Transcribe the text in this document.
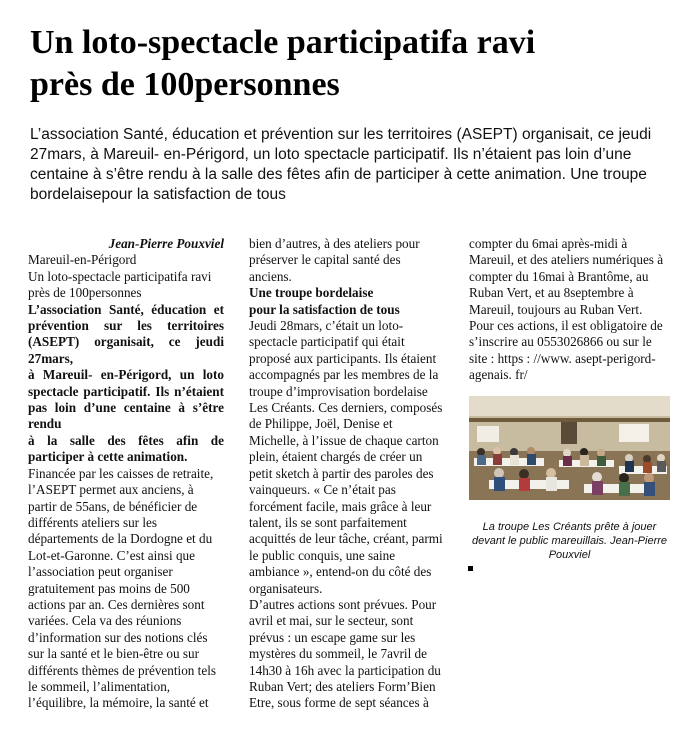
Un loto-spectacle participatifa ravi
près de 100personnes

L’association Santé, éducation et prévention sur les territoires (ASEPT) organisait, ce jeudi 27mars, à Mareuil- en-Périgord, un loto spectacle participatif. Ils n’étaient pas loin d’une centaine à s’être rendu à la salle des fêtes afin de participer à cette animation. Une troupe bordelaisepour la satisfaction de tous

Jean-Pierre Pouxviel

Mareuil-en-Périgord

Un loto-spectacle participatifa ravi

près de 100personnes

L’association Santé, éducation et prévention sur les territoires (ASEPT) organisait, ce jeudi 27mars,

à Mareuil- en-Périgord, un loto spectacle participatif. Ils n’étaient pas loin d’une centaine à s’être rendu

à la salle des fêtes afin de participer à cette animation.

Financée par les caisses de retraite, l’ASEPT permet aux anciens, à partir de 55ans, de bénéficier de différents ateliers sur les départements de la Dordogne et du Lot-et-Garonne. C’est ainsi que l’association peut organiser gratuitement pas moins de 500 actions par an. Ces dernières sont variées. Cela va des réunions d’information sur des notions clés sur la santé et le bien-être ou sur différents thèmes de prévention tels le sommeil, l’alimentation, l’équilibre, la mémoire, la santé et

bien d’autres, à des ateliers pour préserver le capital santé des anciens.

Une troupe bordelaise

pour la satisfaction de tous

Jeudi 28mars, c’était un loto-spectacle participatif qui était proposé aux participants. Ils étaient accompagnés par les membres de la troupe d’improvisation bordelaise Les Créants. Ces derniers, composés de Philippe, Joël, Denise et Michelle, à l’issue de chaque carton plein, étaient chargés de créer un petit sketch à partir des paroles des vainqueurs. « Ce n’était pas forcément facile, mais grâce à leur talent, ils se sont parfaitement acquittés de leur tâche, créant, parmi le public conquis, une saine ambiance », entend-on du côté des organisateurs.

D’autres actions sont prévues. Pour avril et mai, sur le secteur, sont prévus : un escape game sur les mystères du sommeil, le 7avril de 14h30 à 16h avec la participation du Ruban Vert; des ateliers Form’Bien Etre, sous forme de sept séances à

compter du 6mai après-midi à Mareuil, et des ateliers numériques à compter du 16mai à Brantôme, au Ruban Vert, et au 8septembre à Mareuil, toujours au Ruban Vert. Pour ces actions, il est obligatoire de s’inscrire au 0553026866 ou sur le site : https : //www. asept-perigord-agenais. fr/

La troupe Les Créants prête à jouer devant le public mareuillais. Jean-Pierre Pouxviel
